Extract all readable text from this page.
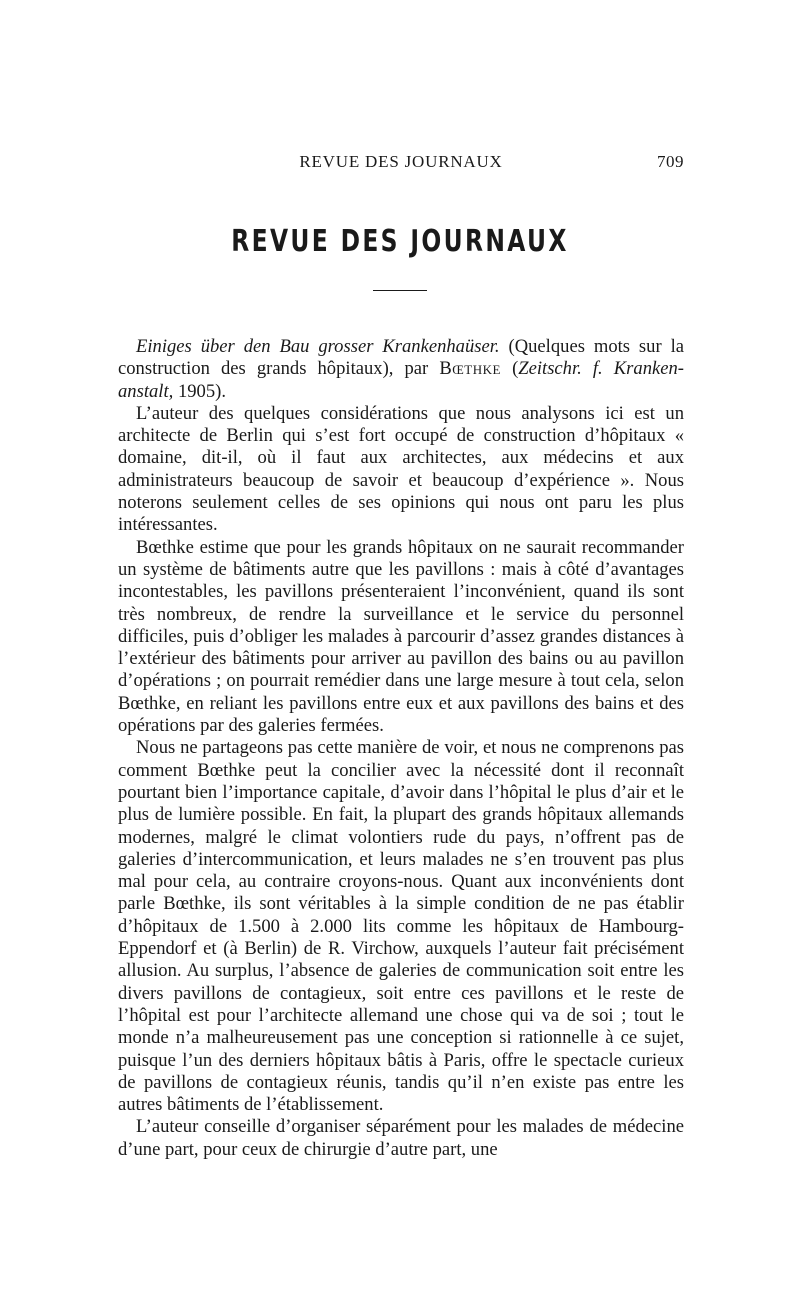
REVUE DES JOURNAUX	709
REVUE DES JOURNAUX

Einiges über den Bau grosser Krankenhaüser. (Quelques mots sur la construction des grands hôpitaux), par Bœthke (Zeitschr. f. Kranken-anstalt, 1905).

L’auteur des quelques considérations que nous analysons ici est un architecte de Berlin qui s’est fort occupé de construction d’hôpitaux « domaine, dit-il, où il faut aux architectes, aux médecins et aux administrateurs beaucoup de savoir et beaucoup d’expérience ». Nous noterons seulement celles de ses opinions qui nous ont paru les plus intéressantes.

Bœthke estime que pour les grands hôpitaux on ne saurait recommander un système de bâtiments autre que les pavillons : mais à côté d’avantages incontestables, les pavillons présenteraient l’inconvénient, quand ils sont très nombreux, de rendre la surveillance et le service du personnel difficiles, puis d’obliger les malades à parcourir d’assez grandes distances à l’extérieur des bâtiments pour arriver au pavillon des bains ou au pavillon d’opérations ; on pourrait remédier dans une large mesure à tout cela, selon Bœthke, en reliant les pavillons entre eux et aux pavillons des bains et des opérations par des galeries fermées.

Nous ne partageons pas cette manière de voir, et nous ne comprenons pas comment Bœthke peut la concilier avec la nécessité dont il reconnaît pourtant bien l’importance capitale, d’avoir dans l’hôpital le plus d’air et le plus de lumière possible. En fait, la plupart des grands hôpitaux allemands modernes, malgré le climat volontiers rude du pays, n’offrent pas de galeries d’intercommunication, et leurs malades ne s’en trouvent pas plus mal pour cela, au contraire croyons-nous. Quant aux inconvénients dont parle Bœthke, ils sont véritables à la simple condition de ne pas établir d’hôpitaux de 1.500 à 2.000 lits comme les hôpitaux de Hambourg-Eppendorf et (à Berlin) de R. Virchow, auxquels l’auteur fait précisément allusion. Au surplus, l’absence de galeries de communication soit entre les divers pavillons de contagieux, soit entre ces pavillons et le reste de l’hôpital est pour l’architecte allemand une chose qui va de soi ; tout le monde n’a malheureusement pas une conception si rationnelle à ce sujet, puisque l’un des derniers hôpitaux bâtis à Paris, offre le spectacle curieux de pavillons de contagieux réunis, tandis qu’il n’en existe pas entre les autres bâtiments de l’établissement.

L’auteur conseille d’organiser séparément pour les malades de médecine d’une part, pour ceux de chirurgie d’autre part, une
